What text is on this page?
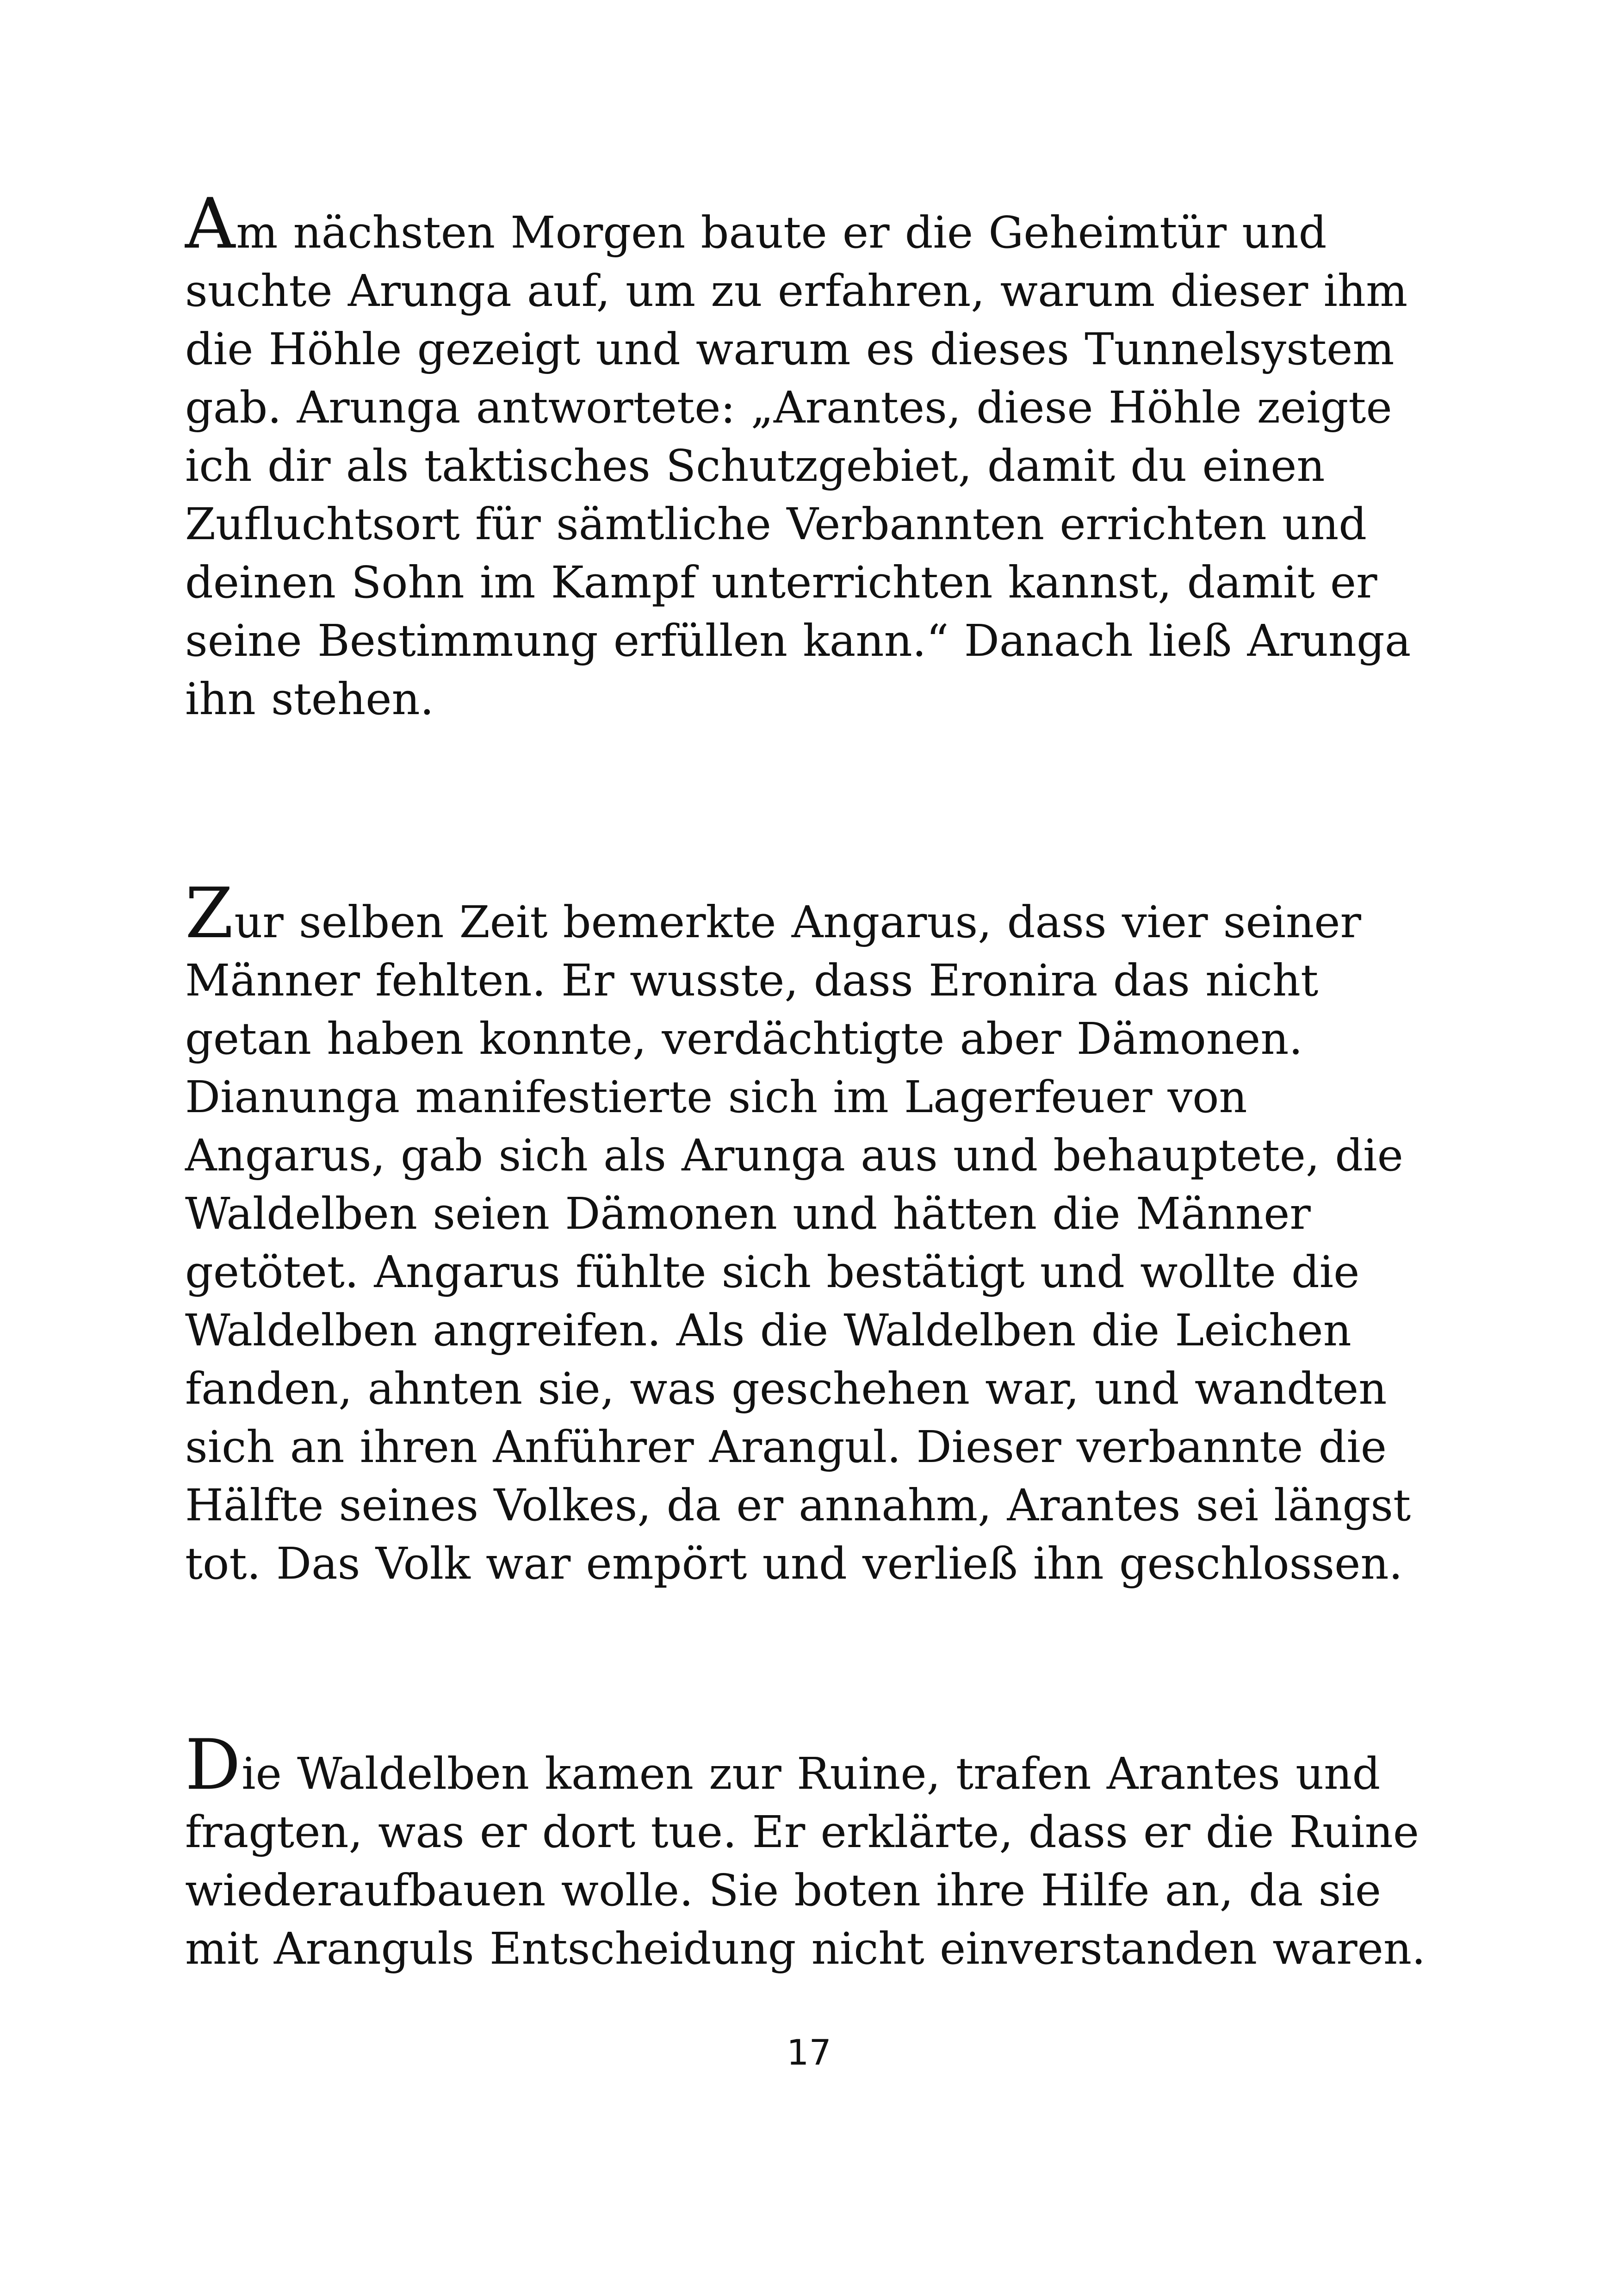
Am nächsten Morgen baute er die Geheimtür und
suchte Arunga auf, um zu erfahren, warum dieser ihm
die Höhle gezeigt und warum es dieses Tunnelsystem
gab. Arunga antwortete: „Arantes, diese Höhle zeigte
ich dir als taktisches Schutzgebiet, damit du einen
Zufluchtsort für sämtliche Verbannten errichten und
deinen Sohn im Kampf unterrichten kannst, damit er
seine Bestimmung erfüllen kann.“ Danach ließ Arunga
ihn stehen.
Zur selben Zeit bemerkte Angarus, dass vier seiner
Männer fehlten. Er wusste, dass Eronira das nicht
getan haben konnte, verdächtigte aber Dämonen.
Dianunga manifestierte sich im Lagerfeuer von
Angarus, gab sich als Arunga aus und behauptete, die
Waldelben seien Dämonen und hätten die Männer
getötet. Angarus fühlte sich bestätigt und wollte die
Waldelben angreifen. Als die Waldelben die Leichen
fanden, ahnten sie, was geschehen war, und wandten
sich an ihren Anführer Arangul. Dieser verbannte die
Hälfte seines Volkes, da er annahm, Arantes sei längst
tot. Das Volk war empört und verließ ihn geschlossen.
Die Waldelben kamen zur Ruine, trafen Arantes und
fragten, was er dort tue. Er erklärte, dass er die Ruine
wiederaufbauen wolle. Sie boten ihre Hilfe an, da sie
mit Aranguls Entscheidung nicht einverstanden waren.
17
